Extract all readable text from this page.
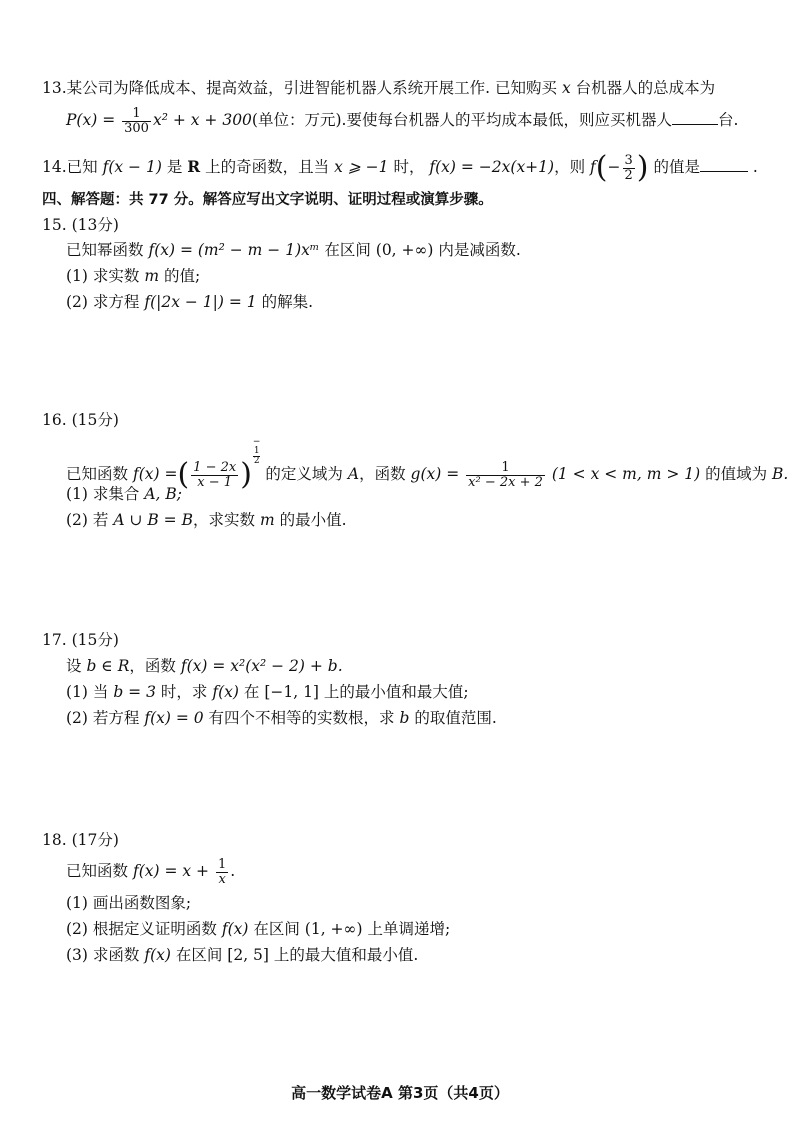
13.某公司为降低成本、提高效益，引进智能机器人系统开展工作. 已知购买 x 台机器人的总成本为
$P(x) = \frac{1}{300} x^2 + x + 300$(单位：万元).要使每台机器人的平均成本最低，则应买机器人	台.
14.已知 f(x − 1) 是 R 上的奇函数，且当 x ⩾ −1 时， f(x) = −2x(x+1)，则 $f(- \frac{3}{2}$ ) 的值是	.
四、解答题：共 77 分。解答应写出文字说明、证明过程或演算步骤。
15. (13分)
已知幂函数 f(x) = (m² − m − 1)xᵐ 在区间 (0, +∞) 内是减函数.
(1) 求实数 m 的值;
(2) 求方程 f(|2x − 1|) = 1 的解集.
16. (15分)
已知函数 f(x) =( $\frac{1 - 2x}{x - 1}$ )−
1
2
的定义域为 A，函数 $g(x) = \frac{1}{\text{x² − 2x + 2}} (1 < x < m$, m > 1) 的值域为 B.
(1) 求集合 A, B;
(2) 若 A ∪ B = B，求实数 m 的最小值.
17. (15分)
设 b ∈ R，函数 f(x) = x²(x² − 2) + b.
(1) 当 b = 3 时，求 f(x) 在 [−1, 1] 上的最小值和最大值;
(2) 若方程 f(x) = 0 有四个不相等的实数根，求 b 的取值范围.
18. (17分)
已知函数 $f(x) = x + \frac{1}{x}$ .
(1) 画出函数图象;
(2) 根据定义证明函数 f(x) 在区间 (1, +∞) 上单调递增;
(3) 求函数 f(x) 在区间 [2, 5] 上的最大值和最小值.
高一数学试卷A 第3页（共4页）
